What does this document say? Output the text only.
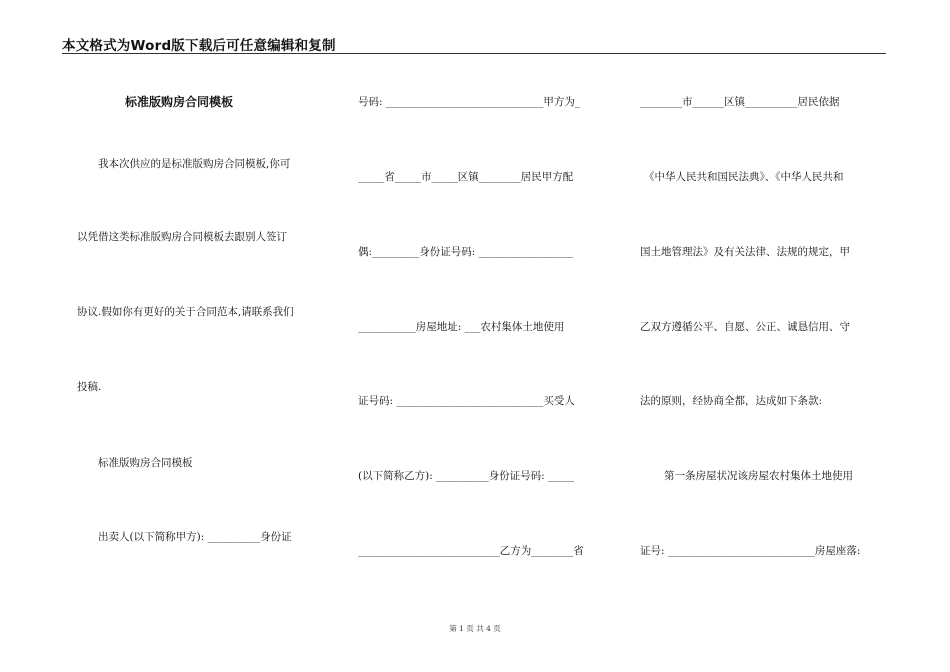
本文格式为Word版下载后可任意编辑和复制
标准版购房合同模板
我本次供应的是标准版购房合同模板,你可
以凭借这类标准版购房合同模板去跟别人签订
协议.假如你有更好的关于合同范本,请联系我们
投稿.
标准版购房合同模板
出卖人(以下简称甲方): __________身份证
号码: ______________________________甲方为_
_____省_____市_____区镇________居民甲方配
偶:_________身份证号码: __________________
___________房屋地址: ___农村集体土地使用
证号码: ____________________________买受人
(以下简称乙方): __________身份证号码: _____
___________________________乙方为________省
________市______区镇__________居民依据
《中华人民共和国民法典》、《中华人民共和
国土地管理法》及有关法律、法规的规定，甲
乙双方遵循公平、自愿、公正、诚恳信用、守
法的原则，经协商全都，达成如下条款:
第一条房屋状况该房屋农村集体土地使用
证号: ____________________________房屋座落:
第 1 页 共 4 页
